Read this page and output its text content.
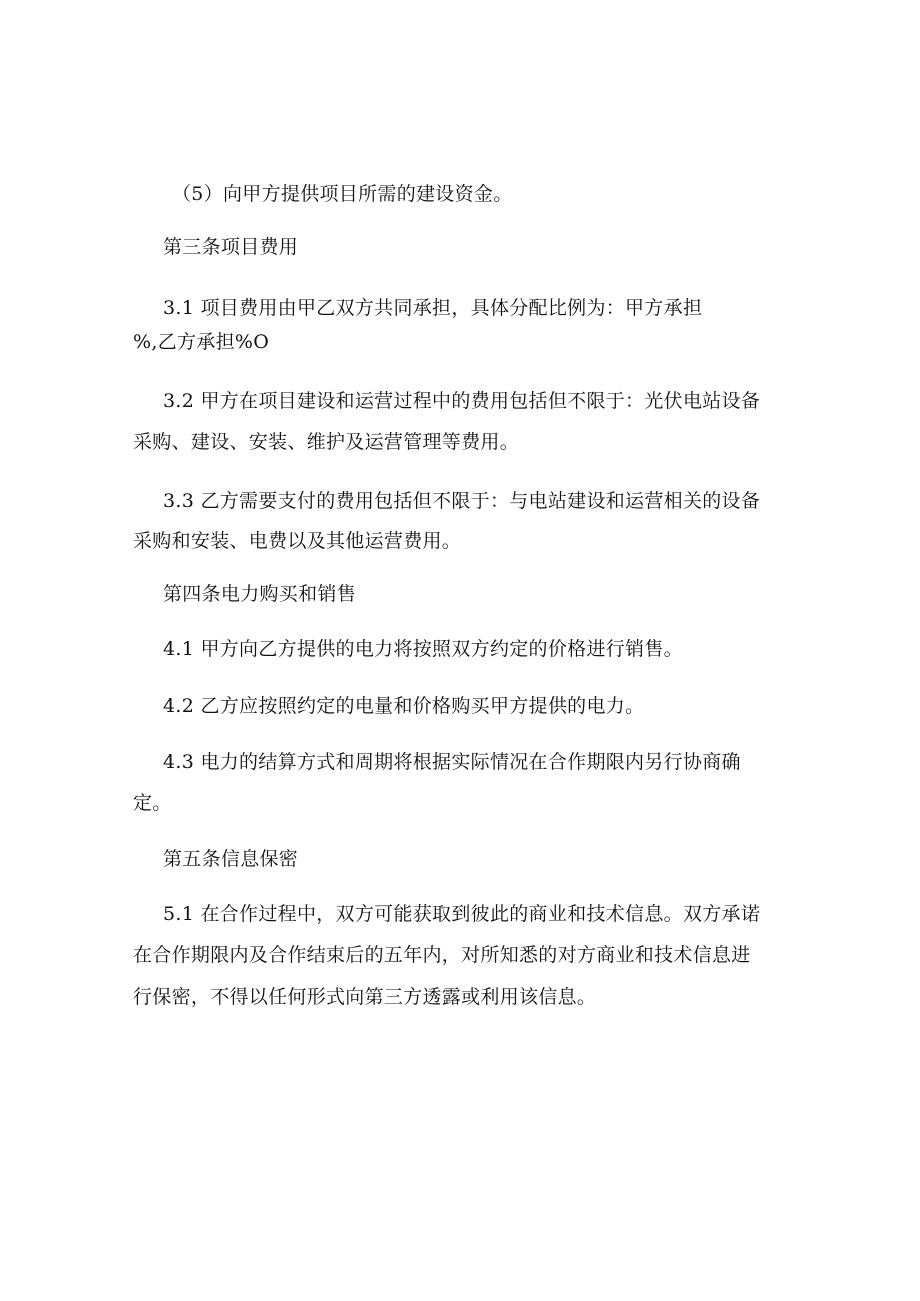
（5）向甲方提供项目所需的建设资金。
第三条项目费用
3.1 项目费用由甲乙双方共同承担，具体分配比例为：甲方承担
%,乙方承担%O
3.2 甲方在项目建设和运营过程中的费用包括但不限于：光伏电站设备
采购、建设、安装、维护及运营管理等费用。
3.3 乙方需要支付的费用包括但不限于：与电站建设和运营相关的设备
采购和安装、电费以及其他运营费用。
第四条电力购买和销售
4.1 甲方向乙方提供的电力将按照双方约定的价格进行销售。
4.2 乙方应按照约定的电量和价格购买甲方提供的电力。
4.3 电力的结算方式和周期将根据实际情况在合作期限内另行协商确
定。
第五条信息保密
5.1 在合作过程中，双方可能获取到彼此的商业和技术信息。双方承诺
在合作期限内及合作结束后的五年内，对所知悉的对方商业和技术信息进
行保密，不得以任何形式向第三方透露或利用该信息。
